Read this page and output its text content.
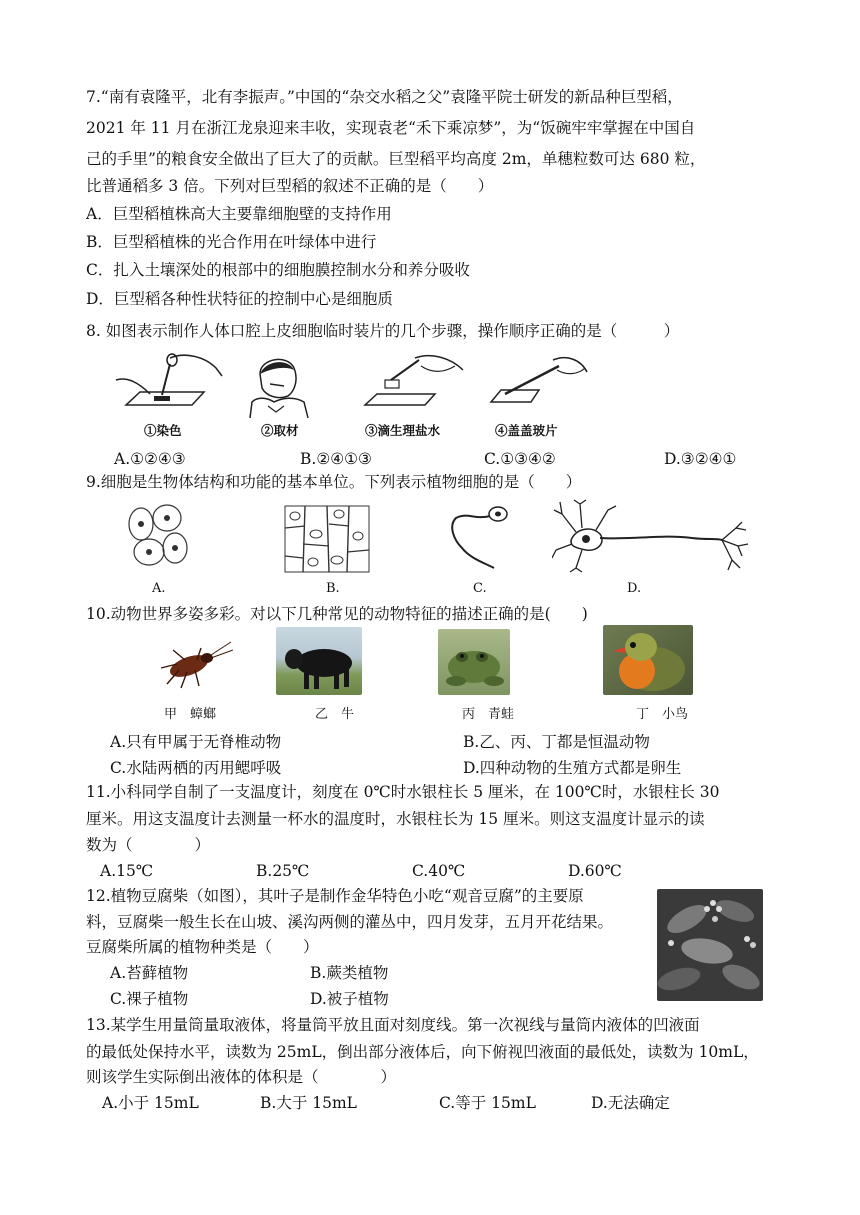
7.“南有袁隆平，北有李振声。”中国的“杂交水稻之父”袁隆平院士研发的新品种巨型稻，
2021 年 11 月在浙江龙泉迎来丰收，实现袁老“禾下乘凉梦”，为“饭碗牢牢掌握在中国自
己的手里”的粮食安全做出了巨大了的贡献。巨型稻平均高度 2m，单穗粒数可达 680 粒，
比普通稻多 3 倍。下列对巨型稻的叙述不正确的是（　　）
A．巨型稻植株高大主要靠细胞壁的支持作用
B．巨型稻植株的光合作用在叶绿体中进行
C．扎入土壤深处的根部中的细胞膜控制水分和养分吸收
D．巨型稻各种性状特征的控制中心是细胞质
8. 如图表示制作人体口腔上皮细胞临时装片的几个步骤，操作顺序正确的是（　　　）
①染色	②取材	③滴生理盐水	④盖盖玻片
A.①②④③	B.②④①③	C.①③④②	D.③②④①
9.细胞是生物体结构和功能的基本单位。下列表示植物细胞的是（　　）
A.	B.	C.	D.
10.动物世界多姿多彩。对以下几种常见的动物特征的描述正确的是(　　)
甲　蟑螂	乙　牛	丙　青蛙	丁　小鸟
A.只有甲属于无脊椎动物	B.乙、丙、丁都是恒温动物
C.水陆两栖的丙用鳃呼吸	D.四种动物的生殖方式都是卵生
11.小科同学自制了一支温度计，刻度在 0℃时水银柱长 5 厘米，在 100℃时，水银柱长 30
厘米。用这支温度计去测量一杯水的温度时，水银柱长为 15 厘米。则这支温度计显示的读
数为（　　　　）
A.15℃	B.25℃	C.40℃	D.60℃
12.植物豆腐柴（如图），其叶子是制作金华特色小吃“观音豆腐”的主要原
料，豆腐柴一般生长在山坡、溪沟两侧的灌丛中，四月发芽，五月开花结果。
豆腐柴所属的植物种类是（　　）
A.苔藓植物	B.蕨类植物
C.裸子植物	D.被子植物
13.某学生用量筒量取液体，将量筒平放且面对刻度线。第一次视线与量筒内液体的凹液面
的最低处保持水平，读数为 25mL，倒出部分液体后，向下俯视凹液面的最低处，读数为 10mL，
则该学生实际倒出液体的体积是（　　　　）
A.小于 15mL	B.大于 15mL	C.等于 15mL	D.无法确定
